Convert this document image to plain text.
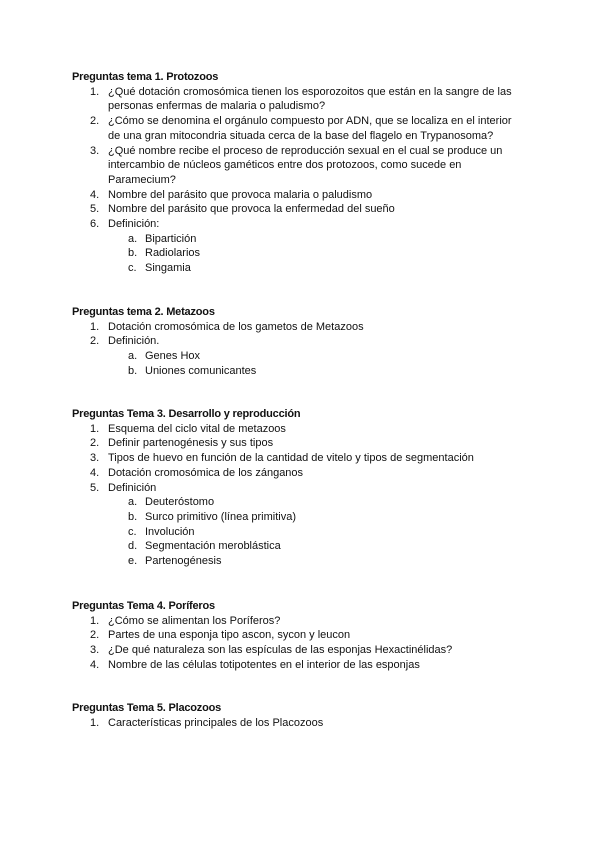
Preguntas tema 1. Protozoos
1. ¿Qué dotación cromosómica tienen los esporozoitos que están en la sangre de las personas enfermas de malaria o paludismo?
2. ¿Cómo se denomina el orgánulo compuesto por ADN, que se localiza en el interior de una gran mitocondria situada cerca de la base del flagelo en Trypanosoma?
3. ¿Qué nombre recibe el proceso de reproducción sexual en el cual se produce un intercambio de núcleos gaméticos entre dos protozoos, como sucede en Paramecium?
4. Nombre del parásito que provoca malaria o paludismo
5. Nombre del parásito que provoca la enfermedad del sueño
6. Definición:
a. Bipartición
b. Radiolarios
c. Singamia
Preguntas tema 2. Metazoos
1. Dotación cromosómica de los gametos de Metazoos
2. Definición.
a. Genes Hox
b. Uniones comunicantes
Preguntas Tema 3. Desarrollo y reproducción
1. Esquema del ciclo vital de metazoos
2. Definir partenogénesis y sus tipos
3. Tipos de huevo en función de la cantidad de vitelo y tipos de segmentación
4. Dotación cromosómica de los zánganos
5. Definición
a. Deuteróstomo
b. Surco primitivo (línea primitiva)
c. Involución
d. Segmentación meroblástica
e. Partenogénesis
Preguntas Tema 4. Poríferos
1. ¿Cómo se alimentan los Poríferos?
2. Partes de una esponja tipo ascon, sycon y leucon
3. ¿De qué naturaleza son las espículas de las esponjas Hexactinélidas?
4. Nombre de las células totipotentes en el interior de las esponjas
Preguntas Tema 5. Placozoos
1. Características principales de los Placozoos
